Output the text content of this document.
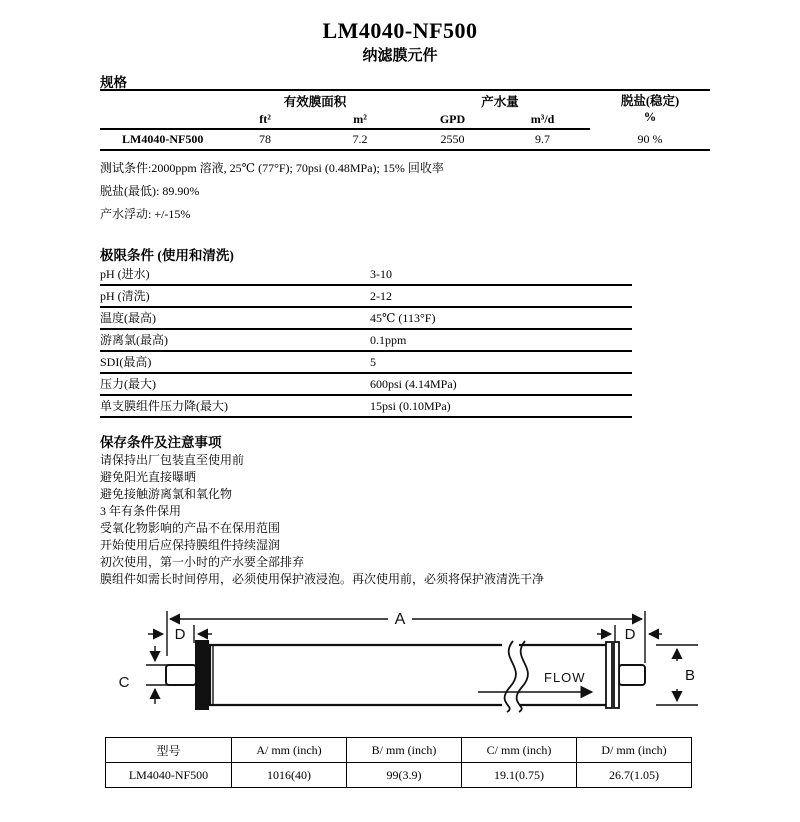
LM4040-NF500
纳滤膜元件
规格
	有效膜面积		产水量		脱盐(稳定)
%

	ft²	m²	GPD	m³/d	
LM4040-NF500	78	7.2	2550	9.7	90 %
测试条件:2000ppm 溶液, 25℃ (77°F); 70psi (0.48MPa); 15% 回收率
脱盐(最低): 89.90%
产水浮动: +/-15%
极限条件 (使用和清洗)
pH (进水)	3-10
pH (清洗)	2-12
温度(最高)	45℃ (113°F)
游离氯(最高)	0.1ppm
SDI(最高)	5
压力(最大)	600psi (4.14MPa)
单支膜组件压力降(最大)	15psi (0.10MPa)
保存条件及注意事项
请保持出厂包装直至使用前
避免阳光直接曝晒
避免接触游离氯和氧化物
3 年有条件保用
受氧化物影响的产品不在保用范围
开始使用后应保持膜组件持续湿润
初次使用，第一小时的产水要全部排弃
膜组件如需长时间停用，必须使用保护液浸泡。再次使用前，必须将保护液清洗干净
A
D	D
FLOW
C	B
型号	A/ mm (inch)	B/ mm (inch)	C/ mm (inch)	D/ mm (inch)
LM4040-NF500	1016(40)	99(3.9)	19.1(0.75)	26.7(1.05)
